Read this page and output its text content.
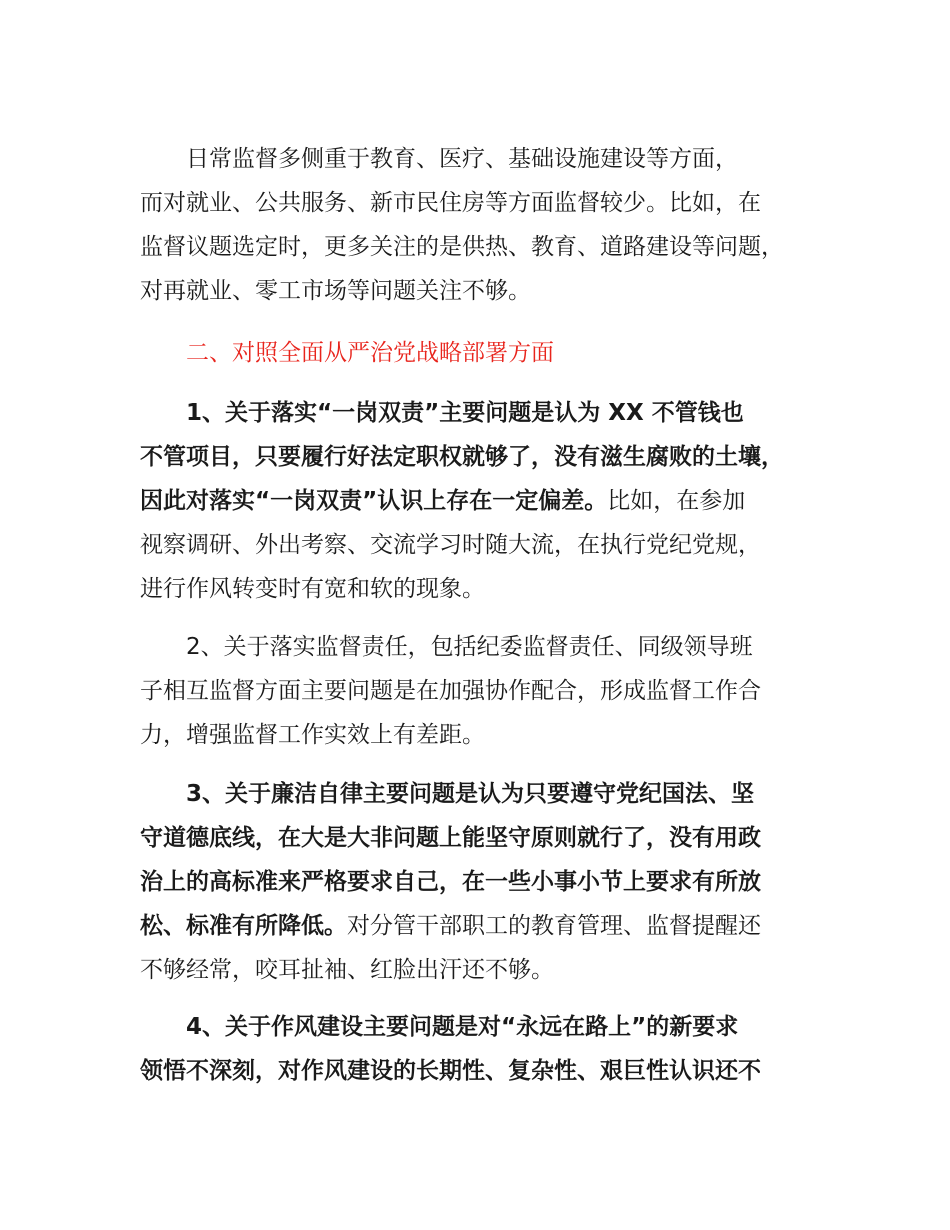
日常监督多侧重于教育、医疗、基础设施建设等方面，
而对就业、公共服务、新市民住房等方面监督较少。比如，在
监督议题选定时，更多关注的是供热、教育、道路建设等问题，
对再就业、零工市场等问题关注不够。
二、对照全面从严治党战略部署方面
1、关于落实“一岗双责”主要问题是认为 XX 不管钱也
不管项目，只要履行好法定职权就够了，没有滋生腐败的土壤，
因此对落实“一岗双责”认识上存在一定偏差。比如，在参加
视察调研、外出考察、交流学习时随大流，在执行党纪党规，
进行作风转变时有宽和软的现象。
2、关于落实监督责任，包括纪委监督责任、同级领导班
子相互监督方面主要问题是在加强协作配合，形成监督工作合
力，增强监督工作实效上有差距。
3、关于廉洁自律主要问题是认为只要遵守党纪国法、坚
守道德底线，在大是大非问题上能坚守原则就行了，没有用政
治上的高标准来严格要求自己，在一些小事小节上要求有所放
松、标准有所降低。对分管干部职工的教育管理、监督提醒还
不够经常，咬耳扯袖、红脸出汗还不够。
4、关于作风建设主要问题是对“永远在路上”的新要求
领悟不深刻，对作风建设的长期性、复杂性、艰巨性认识还不
